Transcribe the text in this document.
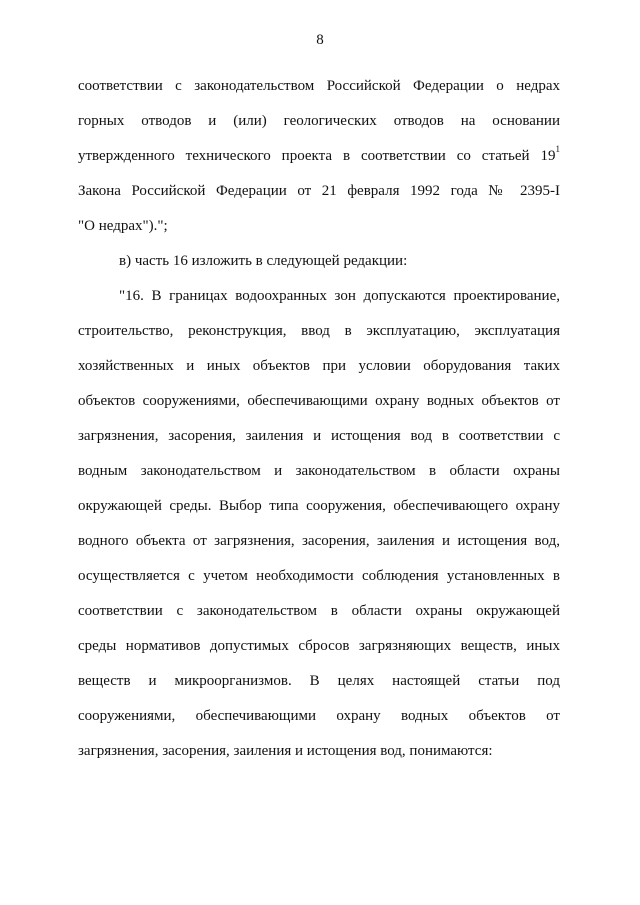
8
соответствии с законодательством Российской Федерации о недрах
горных отводов и (или) геологических отводов на основании
утвержденного технического проекта в соответствии со статьей $19^1$
Закона Российской Федерации от 21 февраля 1992 года № 2395-I
"О недрах").";
в) часть 16 изложить в следующей редакции:
"16. В границах водоохранных зон допускаются проектирование,
строительство, реконструкция, ввод в эксплуатацию, эксплуатация
хозяйственных и иных объектов при условии оборудования таких
объектов сооружениями, обеспечивающими охрану водных объектов от
загрязнения, засорения, заиления и истощения вод в соответствии с
водным законодательством и законодательством в области охраны
окружающей среды. Выбор типа сооружения, обеспечивающего охрану
водного объекта от загрязнения, засорения, заиления и истощения вод,
осуществляется с учетом необходимости соблюдения установленных в
соответствии с законодательством в области охраны окружающей
среды нормативов допустимых сбросов загрязняющих веществ, иных
веществ и микроорганизмов. В целях настоящей статьи под
сооружениями, обеспечивающими охрану водных объектов от
загрязнения, засорения, заиления и истощения вод, понимаются:
